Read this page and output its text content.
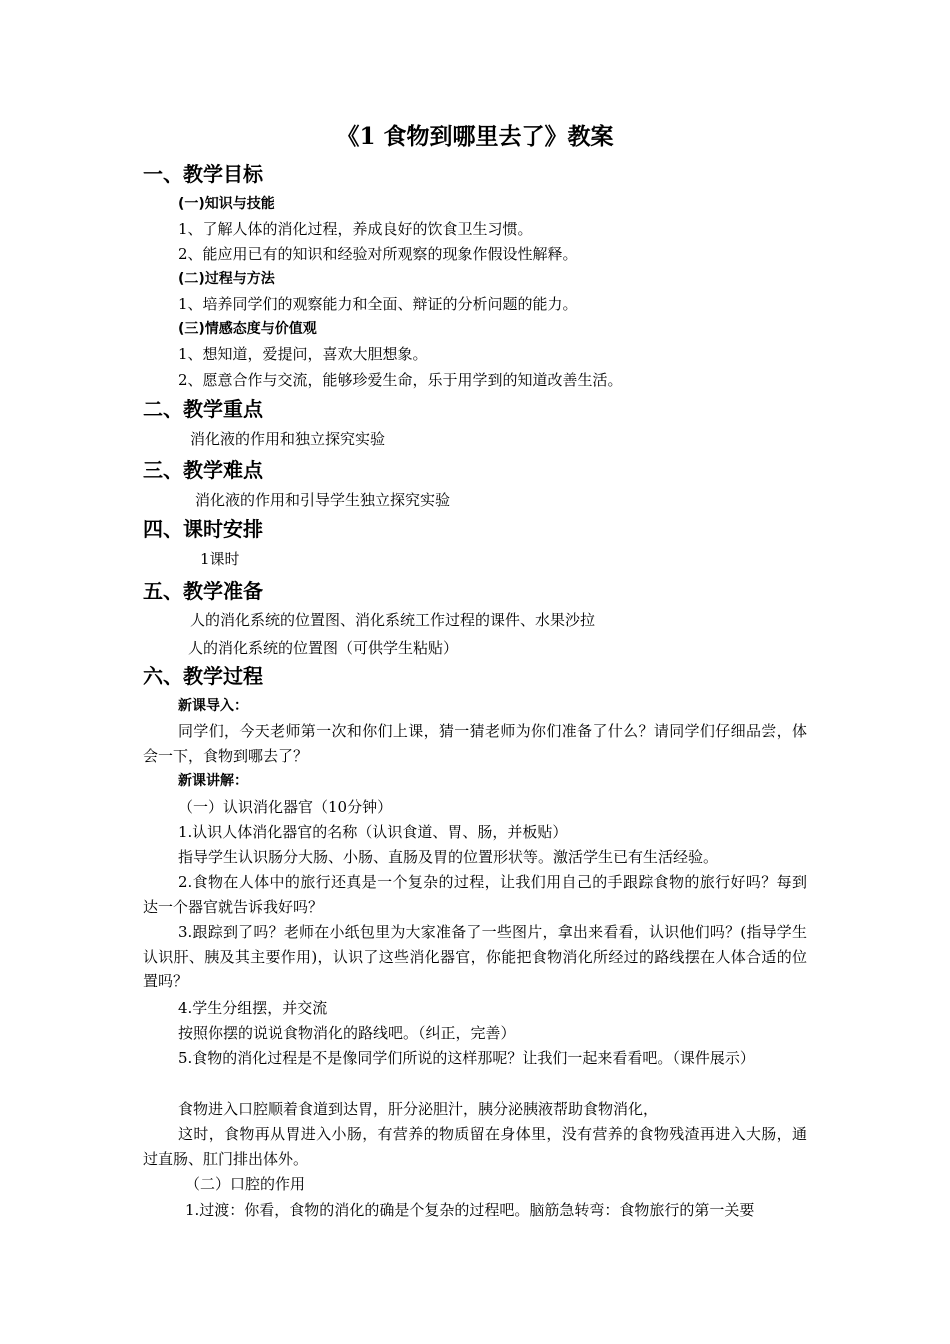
《1 食物到哪里去了》教案
一、教学目标
(一)知识与技能

1、了解人体的消化过程，养成良好的饮食卫生习惯。

2、能应用已有的知识和经验对所观察的现象作假设性解释。

(二)过程与方法

1、培养同学们的观察能力和全面、辩证的分析问题的能力。

(三)情感态度与价值观

1、想知道，爱提问，喜欢大胆想象。

2、愿意合作与交流，能够珍爱生命，乐于用学到的知道改善生活。

二、教学重点

消化液的作用和独立探究实验

三、教学难点

消化液的作用和引导学生独立探究实验

四、课时安排

1课时

五、教学准备

人的消化系统的位置图、消化系统工作过程的课件、水果沙拉

人的消化系统的位置图（可供学生粘贴）

六、教学过程
新课导入：

同学们，今天老师第一次和你们上课，猜一猜老师为你们准备了什么？请同学们仔细品尝，体会一下，食物到哪去了？

新课讲解：

（一）认识消化器官（10分钟）

1.认识人体消化器官的名称（认识食道、胃、肠，并板贴）

指导学生认识肠分大肠、小肠、直肠及胃的位置形状等。激活学生已有生活经验。

2.食物在人体中的旅行还真是一个复杂的过程，让我们用自己的手跟踪食物的旅行好吗？每到达一个器官就告诉我好吗？

3.跟踪到了吗？老师在小纸包里为大家准备了一些图片，拿出来看看，认识他们吗？(指导学生认识肝、胰及其主要作用)，认识了这些消化器官，你能把食物消化所经过的路线摆在人体合适的位置吗？

4.学生分组摆，并交流

按照你摆的说说食物消化的路线吧。（纠正，完善）

5.食物的消化过程是不是像同学们所说的这样那呢？让我们一起来看看吧。（课件展示）

食物进入口腔顺着食道到达胃，肝分泌胆汁，胰分泌胰液帮助食物消化，

这时，食物再从胃进入小肠，有营养的物质留在身体里，没有营养的食物残渣再进入大肠，通过直肠、肛门排出体外。

（二）口腔的作用

1.过渡：你看，食物的消化的确是个复杂的过程吧。脑筋急转弯：食物旅行的第一关要
